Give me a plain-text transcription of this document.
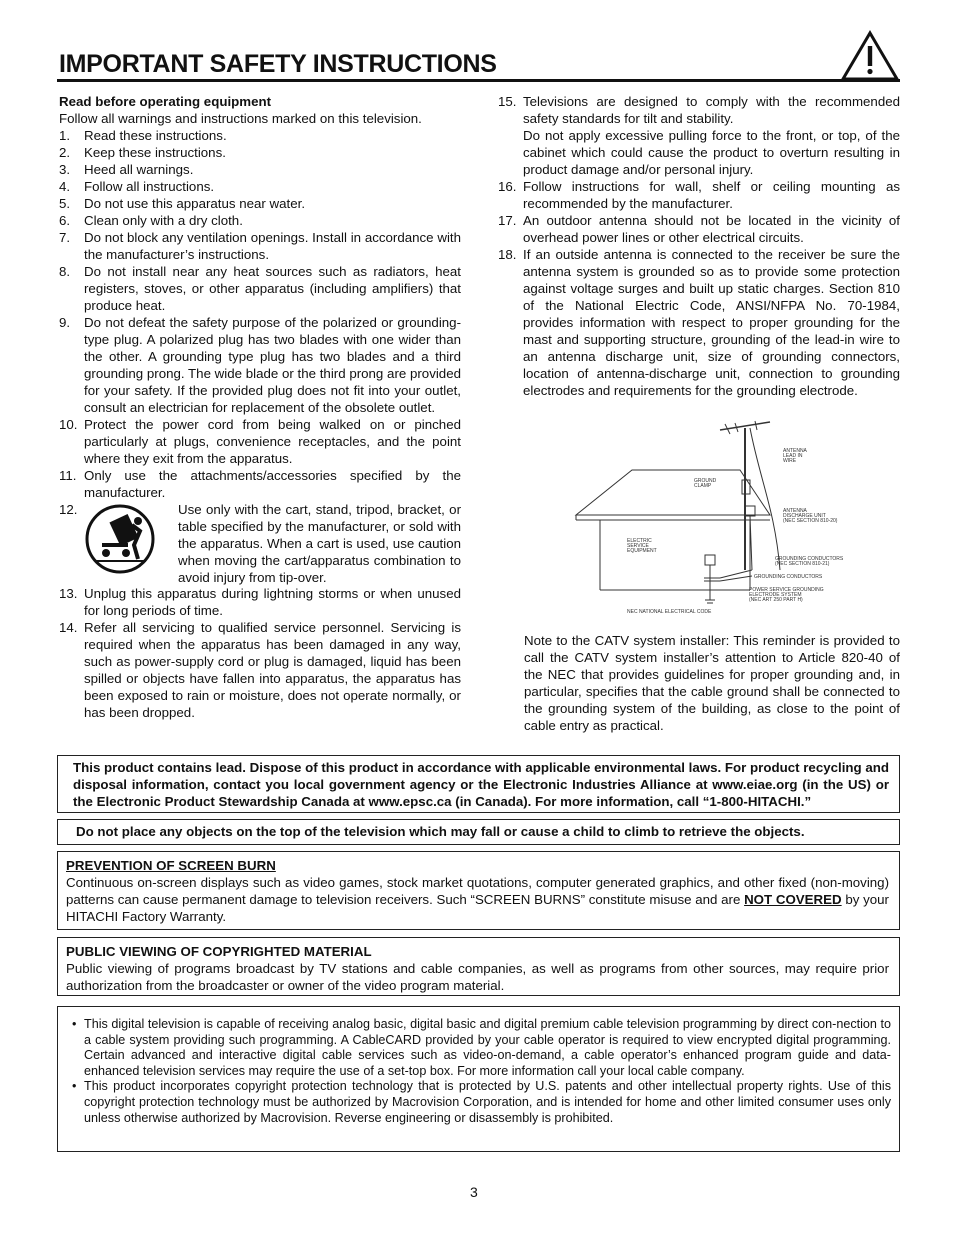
IMPORTANT SAFETY INSTRUCTIONS
Read before operating equipment
Follow all warnings and instructions marked on this television.
1.	Read these instructions.
2.	Keep these instructions.
3.	Heed all warnings.
4.	Follow all instructions.
5.	Do not use this apparatus near water.
6.	Clean only with a dry cloth.
7.	Do not block any ventilation openings. Install in accordance with the manufacturer’s instructions.
8.	Do not install near any heat sources such as radiators, heat registers, stoves, or other apparatus (including amplifiers) that produce heat.
9.	Do not defeat the safety purpose of the polarized or grounding-type plug. A polarized plug has two blades with one wider than the other. A grounding type plug has two blades and a third grounding prong. The wide blade or the third prong are provided for your safety. If the provided plug does not fit into your outlet, consult an electrician for replacement of the obsolete outlet.
10. Protect the power cord from being walked on or pinched particularly at plugs, convenience receptacles, and the point where they exit from the apparatus.
11. Only use the attachments/accessories specified by the manufacturer.
12.	Use only with the cart, stand, tripod, bracket, or table specified by the manufacturer, or sold with the apparatus. When a cart is used, use caution when moving the cart/apparatus combination to avoid injury from tip-over.
13. Unplug this apparatus during lightning storms or when unused for long periods of time.
14. Refer all servicing to qualified service personnel. Servicing is required when the apparatus has been damaged in any way, such as power-supply cord or plug is damaged, liquid has been spilled or objects have fallen into apparatus, the apparatus has been exposed to rain or moisture, does not operate normally, or has been dropped.
15. Televisions are designed to comply with the recommended safety standards for tilt and stability.
Do not apply excessive pulling force to the front, or top, of the cabinet which could cause the product to overturn resulting in product damage and/or personal injury.
16. Follow instructions for wall, shelf or ceiling mounting as recommended by the manufacturer.
17. An outdoor antenna should not be located in the vicinity of overhead power lines or other electrical circuits.
18. If an outside antenna is connected to the receiver be sure the antenna system is grounded so as to provide some protection against voltage surges and built up static charges. Section 810 of the National Electric Code, ANSI/NFPA No. 70-1984, provides information with respect to proper grounding for the mast and supporting structure, grounding of the lead-in wire to an antenna discharge unit, size of grounding connectors, location of antenna-discharge unit, connection to grounding electrodes and requirements for the grounding electrode.
ANTENNA
LEAD IN
WIRE
GROUND
CLAMP
ANTENNA
DISCHARGE UNIT
(NEC SECTION 810-20)
ELECTRIC
SERVICE
EQUIPMENT
GROUNDING CONDUCTORS
(NEC SECTION 810-21)
GROUNDING CONDUCTORS
POWER SERVICE GROUNDING
ELECTRODE SYSTEM
(NEC ART 250 PART H)
NEC NATIONAL ELECTRICAL CODE
Note to the CATV system installer: This reminder is provided to call the CATV system installer’s attention to Article 820-40 of the NEC that provides guidelines for proper grounding and, in particular, specifies that the cable ground shall be connected to the grounding system of the building, as close to the point of cable entry as practical.
This product contains lead. Dispose of this product in accordance with applicable environmental laws. For product recycling and disposal information, contact you local government agency or the Electronic Industries Alliance at www.eiae.org (in the US) or the Electronic Product Stewardship Canada at www.epsc.ca (in Canada). For more information, call “1-800-HITACHI.”
Do not place any objects on the top of the television which may fall or cause a child to climb to retrieve the objects.
PREVENTION OF SCREEN BURN
Continuous on-screen displays such as video games, stock market quotations, computer generated graphics, and other fixed (non-moving) patterns can cause permanent damage to television receivers. Such “SCREEN BURNS” constitute misuse and are NOT COVERED by your HITACHI Factory Warranty.
PUBLIC VIEWING OF COPYRIGHTED MATERIAL
Public viewing of programs broadcast by TV stations and cable companies, as well as programs from other sources, may require prior authorization from the broadcaster or owner of the video program material.
• This digital television is capable of receiving analog basic, digital basic and digital premium cable television programming by direct con-nection to a cable system providing such programming. A CableCARD provided by your cable operator is required to view encrypted digital programming. Certain advanced and interactive digital cable services such as video-on-demand, a cable operator’s enhanced program guide and data-enhanced television services may require the use of a set-top box. For more information call your local cable company.
• This product incorporates copyright protection technology that is protected by U.S. patents and other intellectual property rights. Use of this copyright protection technology must be authorized by Macrovision Corporation, and is intended for home and other limited consumer uses only unless otherwise authorized by Macrovision. Reverse engineering or disassembly is prohibited.
3
